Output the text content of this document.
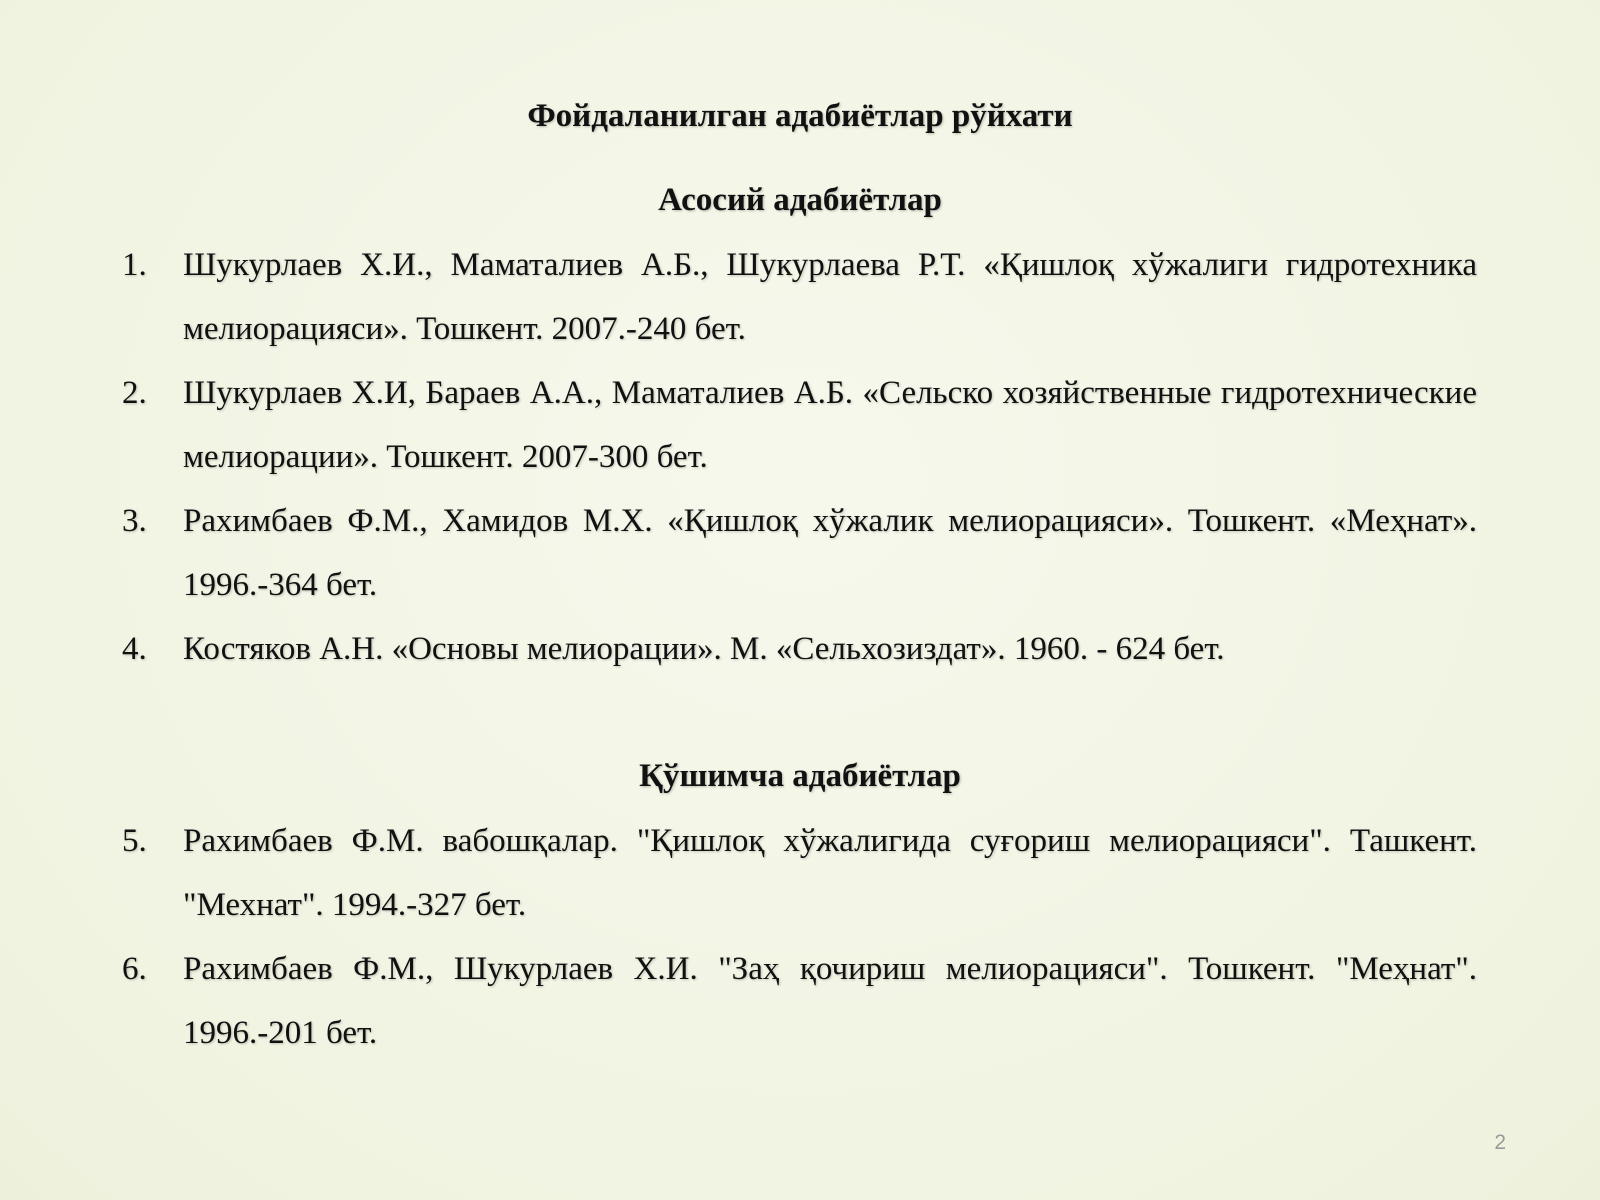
Фойдаланилган адабиётлар рўйхати
Асосий адабиётлар
1.	Шукурлаев Х.И., Маматалиев А.Б., Шукурлаева Р.Т. «Қишлоқ хўжалиги гидротехника мелиорацияси». Тошкент. 2007.-240 бет.
2.	Шукурлаев Х.И, Бараев А.А., Маматалиев А.Б. «Сельско хозяйственные гидротехнические мелиорации». Тошкент. 2007-300 бет.
3.	Рахимбаев Ф.М., Хамидов М.Х. «Қишлоқ хўжалик мелиорацияси». Тошкент. «Меҳнат». 1996.-364 бет.
4.	Костяков А.Н. «Основы мелиорации». М. «Сельхозиздат». 1960. - 624 бет.
Қўшимча адабиётлар
5.	Рахимбаев Ф.М. вабошқалар. "Қишлоқ хўжалигида суғориш мелиорацияси". Ташкент. "Мехнат". 1994.-327 бет.
6.	Рахимбаев Ф.М., Шукурлаев Х.И. "Заҳ қочириш мелиорацияси". Тошкент. "Меҳнат". 1996.-201 бет.
2
